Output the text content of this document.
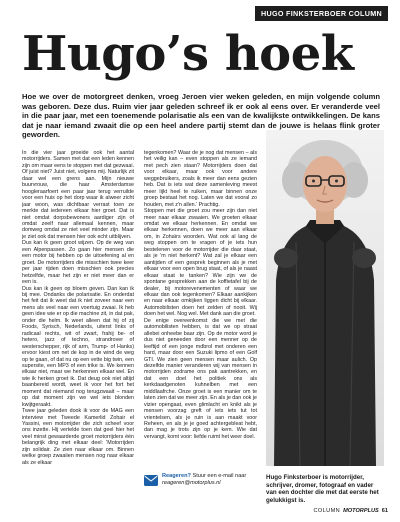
HUGO FINKSTERBOER COLUMN
Hugo’s hoek

Hoe we over de motorgreet denken, vroeg Jeroen vier weken geleden, en mijn volgende column was geboren. Deze dus. Ruim vier jaar geleden schreef ik er ook al eens over. Er veranderde veel in die paar jaar, met een toenemende polarisatie als een van de kwalijkste ontwikkelingen. De kans dat je naar iemand zwaait die op een heel andere partij stemt dan de jouwe is helaas flink groter geworden.

In die vier jaar groeide ook het aantal motorrijders. Samen met dat een leden kennen zijn om maar eens te stoppen met dat gezwaai. Of juist niet? Juist niet, volgens mij. Naturlijk zit daar wel een grens aan. Mijn nieuwe buurvrouw, die haar Amsterdamse hoogleraarfoert een paar jaar terug verruilde voor een huis op het dorp waar ik alweer zicht jaar woon, was dichtbaar verrast toen ze merkte dat iedereen elkaar hier groet. Dat is niet omdat dorpsbewoners aardiger zijn of omdat zeelf naar allemaal kennen, maar domweg omdat ze niet veel minder zijn. Maar je ziet ook dat mensen hier ook echt uitblijven.

Dus kan ik geen groot wijzen. Op de weg van een Alpenpassen. Zo gaan hier mensen die een motor bij hebben op de uitoefening al en groet. De motorrijders die misschien twee keer per jaar rijden doen misschien ook precies hetzelfde, maar het zijn er niet meer dan er een is.

Dus kan ik geen op bloem geven. Dan kan ik bij mee. Ondanks die polarisatie. En onderdat het feit dat ik weet dat ik niet zoveer naar een mens als veel naar een voertuig zwaai. Ik heb geen idee wie er op die machine zit, in dat pak, onder die helm. Ik weet alleen dat hij of zij Foods, Syrisch, Nederlands, uiterst links of radicaal rechts, wit of zwart, frahij be- of hetero, jazz of techno, strandrover of westerschepper, rijk of arm, Trump- of Hanks) ervoor kiest om net de kop in de wind de weg op te gaan, of dat nu op een vette big twin, een supersite, een MP3 of een trike is. We kennen elkaar niet, maar we herkennen elkaar wel. En wie ik herken groet ik. Dat deug ook niet altijd baanbereid wordt, weet ik voor het fort het moment dat niemand nog terugzwaait – maar op dat moment zijn we wel iets blonden kwijtgeraakt.

Twee jaar geleden dook ik voor de MAG een interview met Tweede Kamerlid Zohair el Yassini, een motorrijder die zich scheef voor ons inzette. Hij vertelde toen dat geel hier het veel minst gewaarderde groet motorrijders één belangrijk ding met elkaar deel: 'Motorrijden zijn solidair. Ze zien naar elkaar om. Binnen welke groep zwaaiien mensen nog naar elkaar als ze elkaar

tegenkomen? Waar de je nog dat mensen – als het veilig kan – even stoppen als ze iemand met pech zien staan? Motorrijders doen dat voor elkaar, maar ook voor andere weggebruikers, zoals ik meer dan eens gezien heb. Dat is iets wat deze samenleving meest meer lijkt heel te ruiken, maar binnen onze groep bestaat het nog. Laten we dat vooral zo houden, met z'n allen.' Prachtig.

Stoppen met die groet zou meer zijn dan niet meer naar elkaar zwaaien. We groeten elkaar omdat we elkaar herkennen. En omdat we elkaar herkennen, doen we meer aan elkaar om, in Zohaïrs woorden. Wat ook al lang de weg stoppen om te vragen of je iets hun bestelenen voor de motorrijder die daar staat, als je 'm niet herkent? Wat zal je elkaar een aantijden of een gesprek beginnen als je met elkaar voor een open brug staat, of als je naast elkaar staat te tanken? Wie zijn we de spontane gesprekken aan de koffietafel bij de dealer, bij motorevenementen of waar we elkaar dan ook tegenkomen? Elkaar aankijken en naar elkaar omkijken liggen dicht bij elkaar. Automobilisten doen het zelden of nooit. Wij doen het wel. Nog wel. Met dank aan die groet.

De enige overeenkomst die we met die automobilisten hebben, is dat we op straat allebei onheebe baar zijn. Op de motor word je dus niet geneeden door een menner op de leeftijd of een jonge mdbrol met onderen een hard, maar door een Suzuki lipmo of een Golf GTI. We zien geen mensen maar aulich. Op dezelfde manier veranderen wij van mensen in motorrijden zodrame ons pak aantrekken, en dat een doel het politiek ons als kerkdaadgenoten kuhnelben met een middlaafrche. Onze groet is een manier om te laten zien dat we meer zijn. En als je dan ook je vizier opengaat, even glimlacht en knikt als je mensen voorzag greft of iets iets tut tot vrientelsen, als je ruin is aan maakt voor Reheen, en als je je goed achtergebleat hebt, dan mag je trots zijn op je kem. Wie dat vervangt, komt voor: liefde ruimt het weer doel.

Reageren? Stuur een e-mail naar
reageren@motorplus.nl

Hugo Finksterboer is motorrijder, schrijver, dromer, fotograaf en vader van een dochter die met dat eerste het gelukkigst is.

COLUMN MOTORPLUS 61
